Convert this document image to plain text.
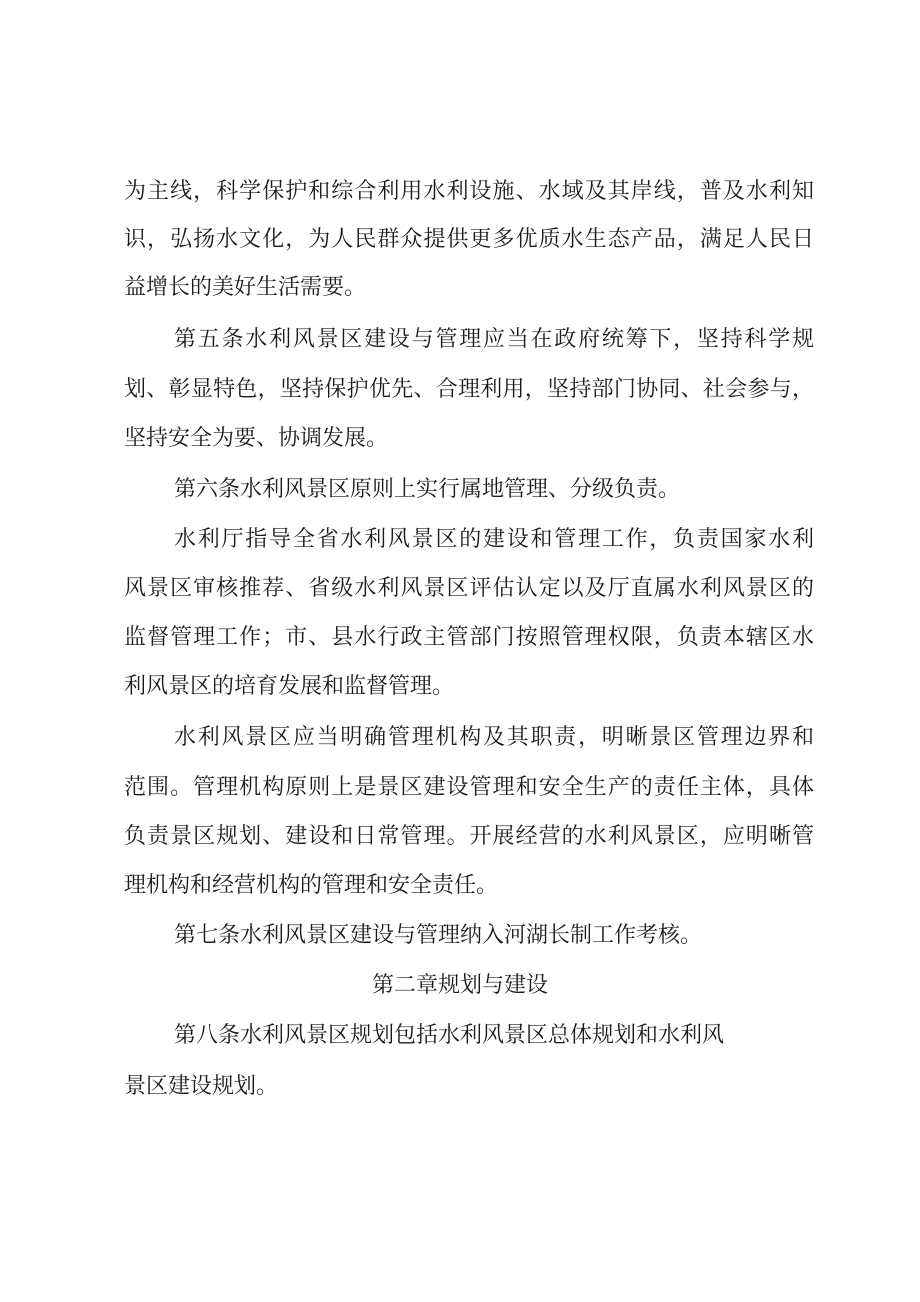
为主线，科学保护和综合利用水利设施、水域及其岸线，普及水利知
识，弘扬水文化，为人民群众提供更多优质水生态产品，满足人民日
益增长的美好生活需要。
第五条水利风景区建设与管理应当在政府统筹下，坚持科学规
划、彰显特色，坚持保护优先、合理利用，坚持部门协同、社会参与，
坚持安全为要、协调发展。
第六条水利风景区原则上实行属地管理、分级负责。
水利厅指导全省水利风景区的建设和管理工作，负责国家水利
风景区审核推荐、省级水利风景区评估认定以及厅直属水利风景区的
监督管理工作；市、县水行政主管部门按照管理权限，负责本辖区水
利风景区的培育发展和监督管理。
水利风景区应当明确管理机构及其职责，明晰景区管理边界和
范围。管理机构原则上是景区建设管理和安全生产的责任主体，具体
负责景区规划、建设和日常管理。开展经营的水利风景区，应明晰管
理机构和经营机构的管理和安全责任。
第七条水利风景区建设与管理纳入河湖长制工作考核。
第二章规划与建设
第八条水利风景区规划包括水利风景区总体规划和水利风
景区建设规划。
